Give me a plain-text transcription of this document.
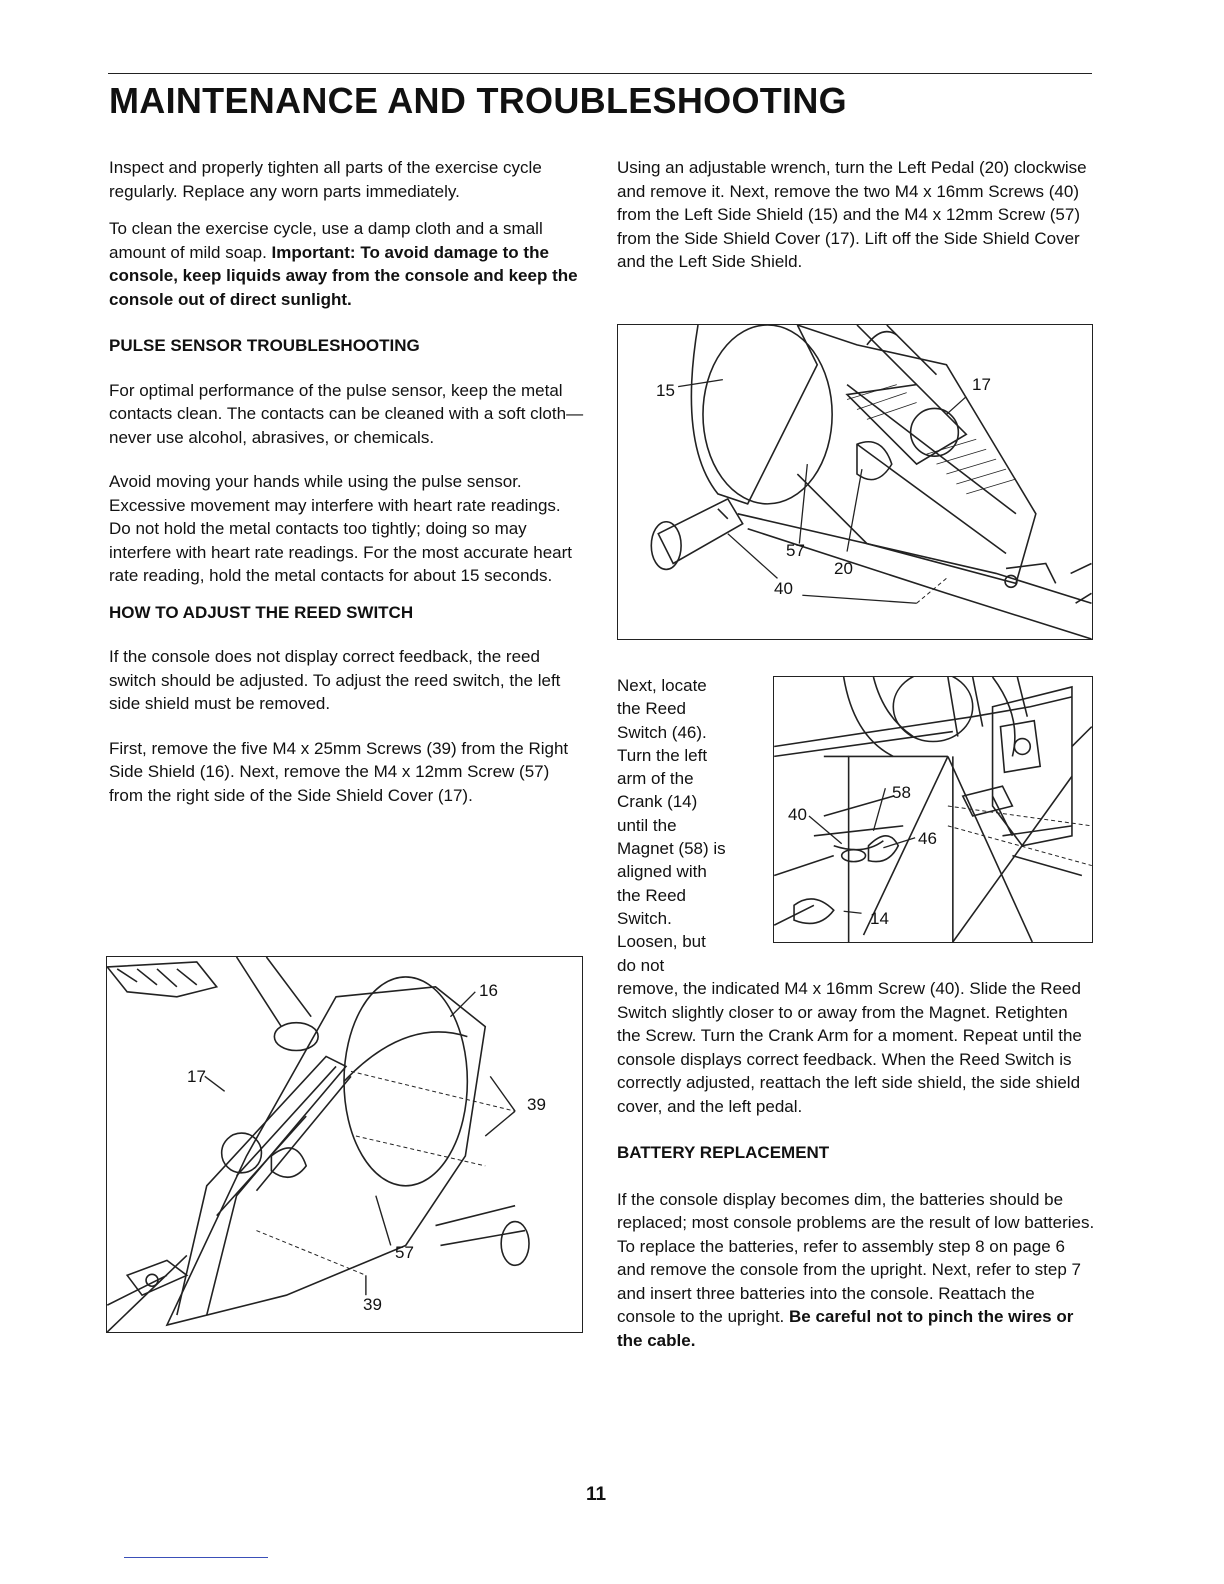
MAINTENANCE AND TROUBLESHOOTING

Inspect and properly tighten all parts of the exercise cycle regularly. Replace any worn parts immediately.

To clean the exercise cycle, use a damp cloth and a small amount of mild soap. Important: To avoid damage to the console, keep liquids away from the console and keep the console out of direct sunlight.

PULSE SENSOR TROUBLESHOOTING

For optimal performance of the pulse sensor, keep the metal contacts clean. The contacts can be cleaned with a soft cloth—never use alcohol, abrasives, or chemicals.

Avoid moving your hands while using the pulse sensor. Excessive movement may interfere with heart rate readings. Do not hold the metal contacts too tightly; doing so may interfere with heart rate readings. For the most accurate heart rate reading, hold the metal contacts for about 15 seconds.

HOW TO ADJUST THE REED SWITCH

If the console does not display correct feedback, the reed switch should be adjusted. To adjust the reed switch, the left side shield must be removed.

First, remove the five M4 x 25mm Screws (39) from the Right Side Shield (16). Next, remove the M4 x 12mm Screw (57) from the right side of the Side Shield Cover (17).

16
17
39
57
39

Using an adjustable wrench, turn the Left Pedal (20) clockwise and remove it. Next, remove the two M4 x 16mm Screws (40) from the Left Side Shield (15) and the M4 x 12mm Screw (57) from the Side Shield Cover (17). Lift off the Side Shield Cover and the Left Side Shield.

15	17
57
20
40

Next, locate

the Reed

Switch (46).

Turn the left

arm of the

Crank (14)

until the

Magnet (58) is

aligned with

the Reed

Switch.

Loosen, but

do not

40
58
46
14

remove, the indicated M4 x 16mm Screw (40). Slide the Reed Switch slightly closer to or away from the Magnet. Retighten the Screw. Turn the Crank Arm for a moment. Repeat until the console displays correct feedback. When the Reed Switch is correctly adjusted, reattach the left side shield, the side shield cover, and the left pedal.

BATTERY REPLACEMENT

If the console display becomes dim, the batteries should be replaced; most console problems are the result of low batteries. To replace the batteries, refer to assembly step 8 on page 6 and remove the console from the upright. Next, refer to step 7 and insert three batteries into the console. Reattach the console to the upright. Be careful not to pinch the wires or the cable.

11
